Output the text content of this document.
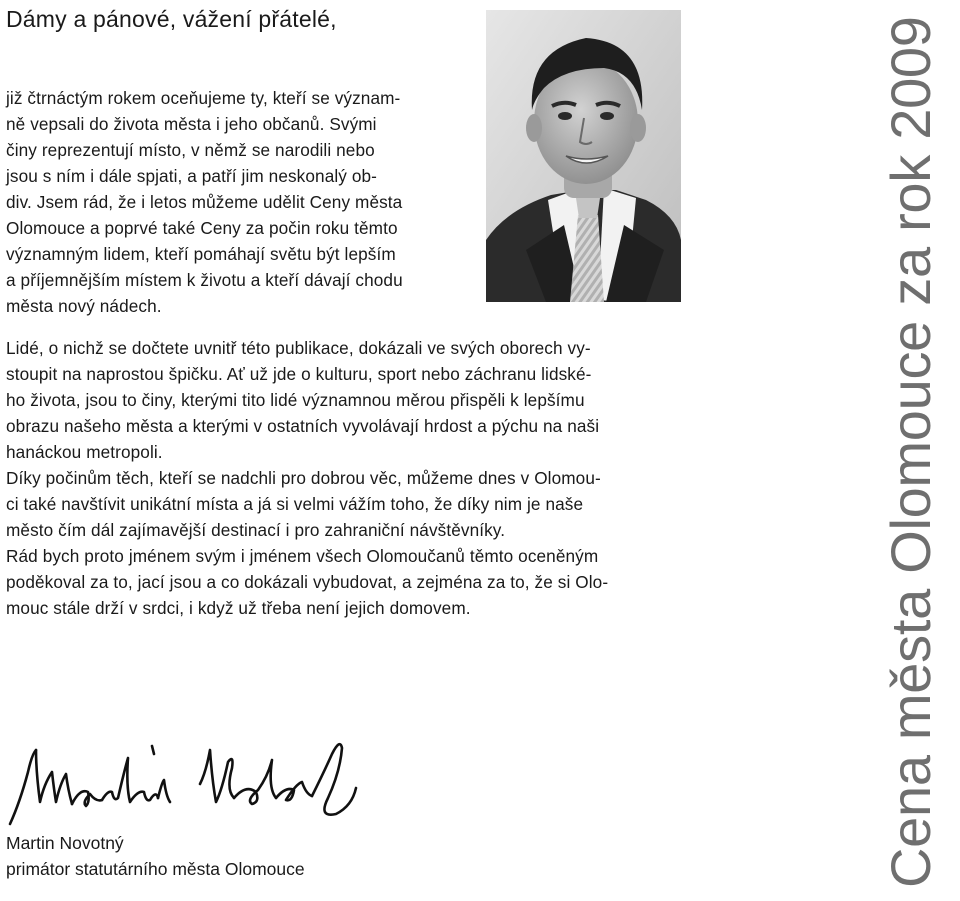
Dámy a pánové, vážení přátelé,
již čtrnáctým rokem oceňujeme ty, kteří se význam-
ně vepsali do života města i jeho občanů. Svými
činy reprezentují místo, v němž se narodili nebo
jsou s ním i dále spjati, a patří jim neskonalý ob-
div. Jsem rád, že i letos můžeme udělit Ceny města
Olomouce a poprvé také Ceny za počin roku těmto
významným lidem, kteří pomáhají světu být lepším
a příjemnějším místem k životu a kteří dávají chodu
města nový nádech.
Lidé, o nichž se dočtete uvnitř této publikace, dokázali ve svých oborech vy-
stoupit na naprostou špičku. Ať už jde o kulturu, sport nebo záchranu lidské-
ho života, jsou to činy, kterými tito lidé významnou měrou přispěli k lepšímu
obrazu našeho města a kterými v ostatních vyvolávají hrdost a pýchu na naši
hanáckou metropoli.
Díky počinům těch, kteří se nadchli pro dobrou věc, můžeme dnes v Olomou-
ci také navštívit unikátní místa a já si velmi vážím toho, že díky nim je naše
město čím dál zajímavější destinací i pro zahraniční návštěvníky.
Rád bych proto jménem svým i jménem všech Olomoučanů těmto oceněným
poděkoval za to, jací jsou a co dokázali vybudovat, a zejména za to, že si Olo-
mouc stále drží v srdci, i když už třeba není jejich domovem.
Martin Novotný
primátor statutárního města Olomouce	Cena města Olomouce za rok 2009
